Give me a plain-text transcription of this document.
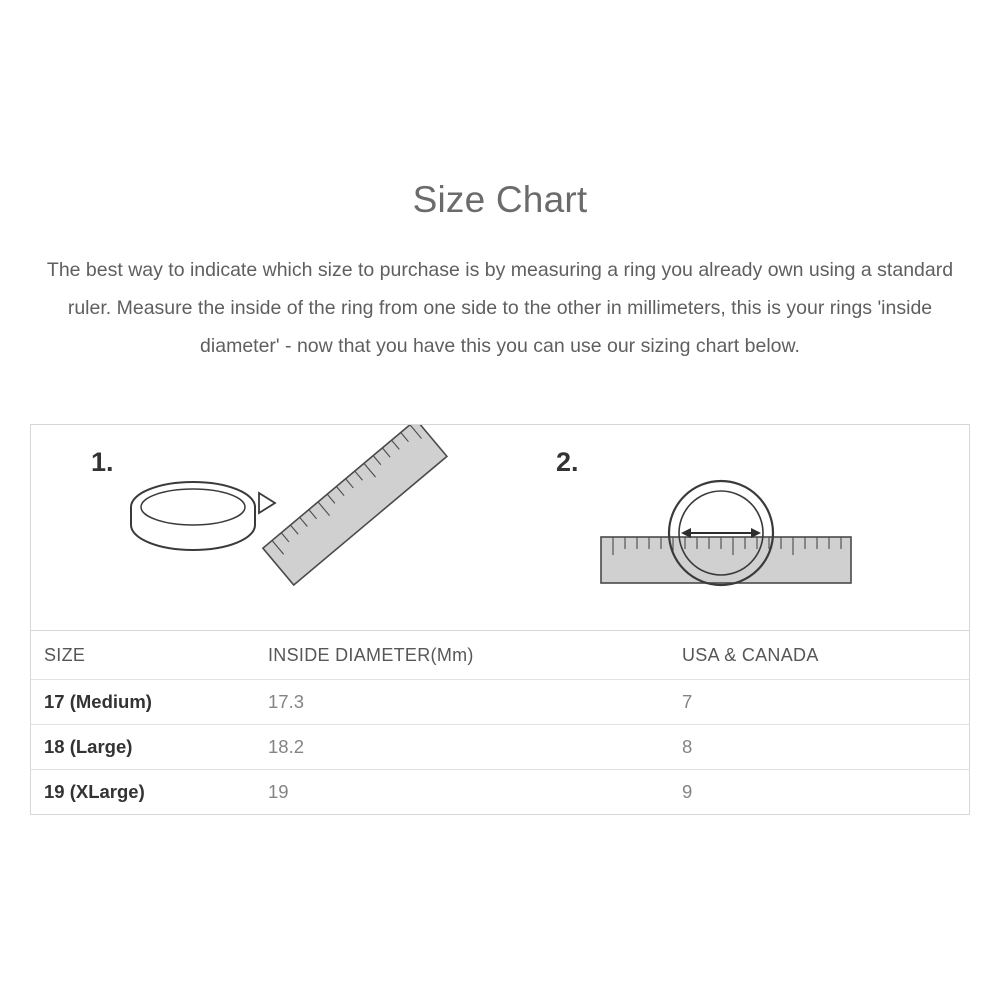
Size Chart

The best way to indicate which size to purchase is by measuring a ring you already own using a standard ruler. Measure the inside of the ring from one side to the other in millimeters, this is your rings 'inside diameter' - now that you have this you can use our sizing chart below.

1.	2.
SIZE	INSIDE DIAMETER(Mm)	USA & CANADA
17 (Medium)	17.3	7
18 (Large)	18.2	8
19 (XLarge)	19	9
